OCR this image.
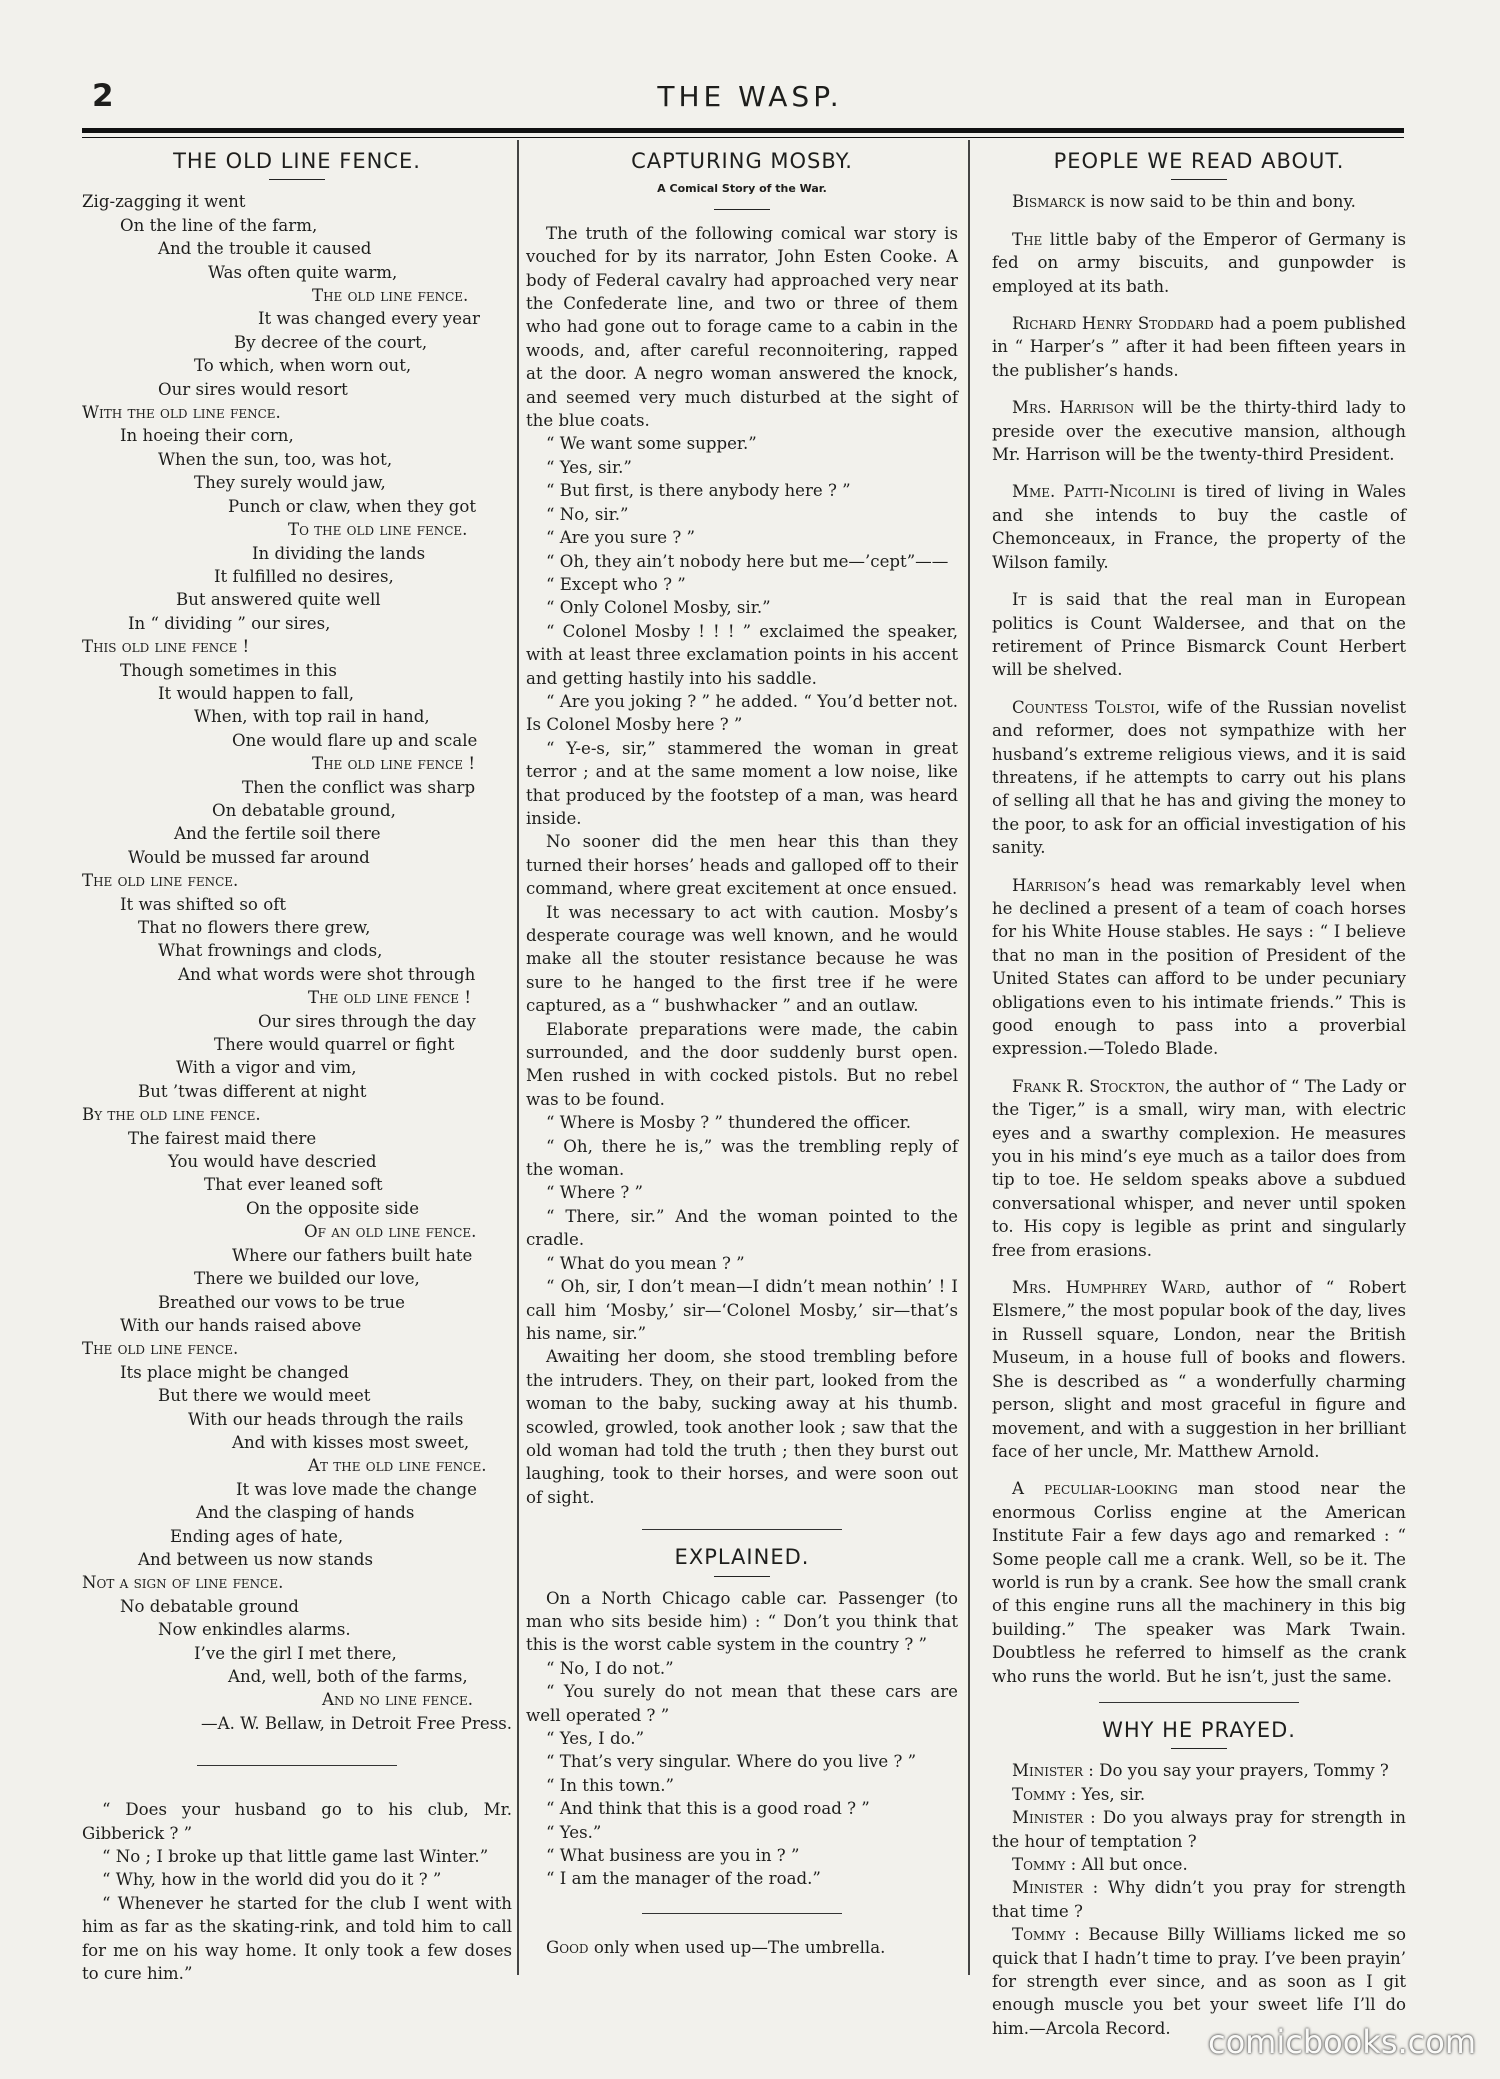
2	THE WASP.
THE OLD LINE FENCE.
Zig-zagging it went
On the line of the farm,
And the trouble it caused
Was often quite warm,
The old line fence.
It was changed every year
By decree of the court,
To which, when worn out,
Our sires would resort
With the old line fence.
In hoeing their corn,
When the sun, too, was hot,
They surely would jaw,
Punch or claw, when they got
To the old line fence.
In dividing the lands
It fulfilled no desires,
But answered quite well
In “ dividing ” our sires,
This old line fence !
Though sometimes in this
It would happen to fall,
When, with top rail in hand,
One would flare up and scale
The old line fence !
Then the conflict was sharp
On debatable ground,
And the fertile soil there
Would be mussed far around
The old line fence.
It was shifted so oft
That no flowers there grew,
What frownings and clods,
And what words were shot through
The old line fence !
Our sires through the day
There would quarrel or fight
With a vigor and vim,
But ’twas different at night
By the old line fence.
The fairest maid there
You would have descried
That ever leaned soft
On the opposite side
Of an old line fence.
Where our fathers built hate
There we builded our love,
Breathed our vows to be true
With our hands raised above
The old line fence.
Its place might be changed
But there we would meet
With our heads through the rails
And with kisses most sweet,
At the old line fence.
It was love made the change
And the clasping of hands
Ending ages of hate,
And between us now stands
Not a sign of line fence.
No debatable ground
Now enkindles alarms.
I’ve the girl I met there,
And, well, both of the farms,
And no line fence.
—A. W. Bellaw, in Detroit Free Press.

“ Does your husband go to his club, Mr. Gibberick ? ”

“ No ; I broke up that little game last Winter.”

“ Why, how in the world did you do it ? ”

“ Whenever he started for the club I went with him as far as the skating-rink, and told him to call for me on his way home. It only took a few doses to cure him.”

CAPTURING MOSBY.
A Comical Story of the War.

The truth of the following comical war story is vouched for by its narrator, John Esten Cooke. A body of Federal cavalry had approached very near the Confederate line, and two or three of them who had gone out to forage came to a cabin in the woods, and, after careful reconnoitering, rapped at the door. A negro woman answered the knock, and seemed very much disturbed at the sight of the blue coats.

“ We want some supper.”

“ Yes, sir.”

“ But first, is there anybody here ? ”

“ No, sir.”

“ Are you sure ? ”

“ Oh, they ain’t nobody here but me—’cept”——

“ Except who ? ”

“ Only Colonel Mosby, sir.”

“ Colonel Mosby ! ! ! ” exclaimed the speaker, with at least three exclamation points in his accent and getting hastily into his saddle.

“ Are you joking ? ” he added. “ You’d better not. Is Colonel Mosby here ? ”

“ Y-e-s, sir,” stammered the woman in great terror ; and at the same moment a low noise, like that produced by the footstep of a man, was heard inside.

No sooner did the men hear this than they turned their horses’ heads and galloped off to their command, where great excitement at once ensued.

It was necessary to act with caution. Mosby’s desperate courage was well known, and he would make all the stouter resistance because he was sure to he hanged to the first tree if he were captured, as a “ bushwhacker ” and an outlaw.

Elaborate preparations were made, the cabin surrounded, and the door suddenly burst open. Men rushed in with cocked pistols. But no rebel was to be found.

“ Where is Mosby ? ” thundered the officer.

“ Oh, there he is,” was the trembling reply of the woman.

“ Where ? ”

“ There, sir.” And the woman pointed to the cradle.

“ What do you mean ? ”

“ Oh, sir, I don’t mean—I didn’t mean nothin’ ! I call him ‘Mosby,’ sir—‘Colonel Mosby,’ sir—that’s his name, sir.”

Awaiting her doom, she stood trembling before the intruders. They, on their part, looked from the woman to the baby, sucking away at his thumb. scowled, growled, took another look ; saw that the old woman had told the truth ; then they burst out laughing, took to their horses, and were soon out of sight.

EXPLAINED.

On a North Chicago cable car. Passenger (to man who sits beside him) : “ Don’t you think that this is the worst cable system in the country ? ”

“ No, I do not.”

“ You surely do not mean that these cars are well operated ? ”

“ Yes, I do.”

“ That’s very singular. Where do you live ? ”

“ In this town.”

“ And think that this is a good road ? ”

“ Yes.”

“ What business are you in ? ”

“ I am the manager of the road.”

Good only when used up—The umbrella.

PEOPLE WE READ ABOUT.

Bismarck is now said to be thin and bony.

The little baby of the Emperor of Germany is fed on army biscuits, and gunpowder is employed at its bath.

Richard Henry Stoddard had a poem published in “ Harper’s ” after it had been fifteen years in the publisher’s hands.

Mrs. Harrison will be the thirty-third lady to preside over the executive mansion, although Mr. Harrison will be the twenty-third President.

Mme. Patti-Nicolini is tired of living in Wales and she intends to buy the castle of Chemonceaux, in France, the property of the Wilson family.

It is said that the real man in European politics is Count Waldersee, and that on the retirement of Prince Bismarck Count Herbert will be shelved.

Countess Tolstoi, wife of the Russian novelist and reformer, does not sympathize with her husband’s extreme religious views, and it is said threatens, if he attempts to carry out his plans of selling all that he has and giving the money to the poor, to ask for an official investigation of his sanity.

Harrison’s head was remarkably level when he declined a present of a team of coach horses for his White House stables. He says : “ I believe that no man in the position of President of the United States can afford to be under pecuniary obligations even to his intimate friends.” This is good enough to pass into a proverbial expression.—Toledo Blade.

Frank R. Stockton, the author of “ The Lady or the Tiger,” is a small, wiry man, with electric eyes and a swarthy complexion. He measures you in his mind’s eye much as a tailor does from tip to toe. He seldom speaks above a subdued conversational whisper, and never until spoken to. His copy is legible as print and singularly free from erasions.

Mrs. Humphrey Ward, author of “ Robert Elsmere,” the most popular book of the day, lives in Russell square, London, near the British Museum, in a house full of books and flowers. She is described as “ a wonderfully charming person, slight and most graceful in figure and movement, and with a suggestion in her brilliant face of her uncle, Mr. Matthew Arnold.

A peculiar-looking man stood near the enormous Corliss engine at the American Institute Fair a few days ago and remarked : “ Some people call me a crank. Well, so be it. The world is run by a crank. See how the small crank of this engine runs all the machinery in this big building.” The speaker was Mark Twain. Doubtless he referred to himself as the crank who runs the world. But he isn’t, just the same.

WHY HE PRAYED.

Minister : Do you say your prayers, Tommy ?

Tommy : Yes, sir.

Minister : Do you always pray for strength in the hour of temptation ?

Tommy : All but once.

Minister : Why didn’t you pray for strength that time ?

Tommy : Because Billy Williams licked me so quick that I hadn’t time to pray. I’ve been prayin’ for strength ever since, and as soon as I git enough muscle you bet your sweet life I’ll do him.—Arcola Record.	comicbooks.com
